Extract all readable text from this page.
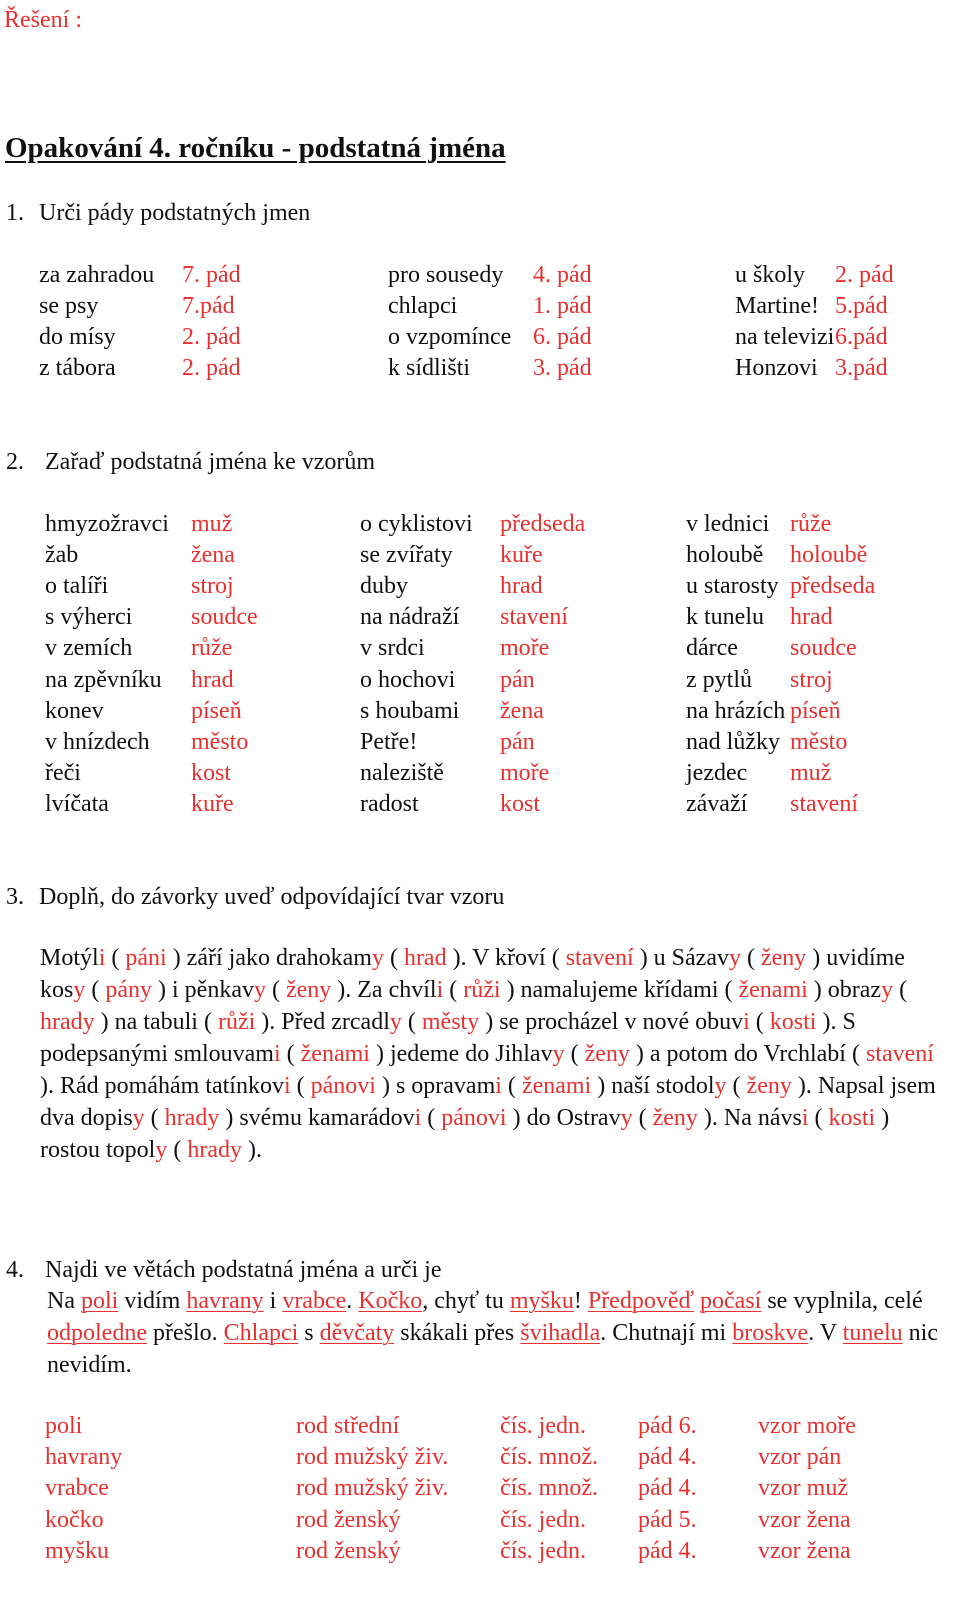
Řešení :
Opakování 4. ročníku - podstatná jména
1. Urči pády podstatných jmen
za zahradou 7. pád	pro sousedy 4. pád	u školy 2. pád
se psy	7.pád	chlapci	1. pád	Martine! 5.pád
do mísy	2. pád	o vzpomínce 6. pád	na televizi 6.pád
z tábora	2. pád	k sídlišti	3. pád	Honzovi 3.pád
2. Zařaď podstatná jména ke vzorům
hmyzožravci muž	o cyklistovi předseda	v lednici růže
žab	žena	se zvířaty kuře	holoubě holoubě
o talíři	stroj	duby	hrad	u starosty předseda
s výherci soudce	na nádraží stavení	k tunelu hrad
v zemích růže	v srdci	moře	dárce soudce
na zpěvníku hrad	o hochovi pán	z pytlů stroj
konev	píseň	s houbami žena	na hrázích píseň
v hnízdech město	Petře!	pán	nad lůžky město
řeči	kost	naleziště moře	jezdec muž
lvíčata	kuře	radost	kost	závaží stavení
3. Doplň, do závorky uveď odpovídající tvar vzoru
Motýli ( páni ) září jako drahokamy ( hrad ). V křoví ( stavení ) u Sázavy ( ženy ) uvidíme kosy ( pány ) i pěnkavy ( ženy ). Za chvíli ( růži ) namalujeme křídami ( ženami ) obrazy ( hrady ) na tabuli ( růži ). Před zrcadly ( městy ) se procházel v nové obuvi ( kosti ). S podepsanými smlouvami ( ženami ) jedeme do Jihlavy ( ženy ) a potom do Vrchlabí ( stavení ). Rád pomáhám tatínkovi ( pánovi ) s opravami ( ženami ) naší stodoly ( ženy ). Napsal jsem dva dopisy ( hrady ) svému kamarádovi ( pánovi ) do Ostravy ( ženy ). Na návsi ( kosti ) rostou topoly ( hrady ).
4. Najdi ve větách podstatná jména a urči je
Na poli vidím havrany i vrabce. Kočko, chyť tu myšku! Předpověď počasí se vyplnila, celé odpoledne přešlo. Chlapci s děvčaty skákali přes švihadla. Chutnají mi broskve. V tunelu nic nevidím.
poli	rod střední	čís. jedn. pád 6.	vzor moře
havrany	rod mužský živ. čís. množ. pád 4.	vzor pán
vrabce	rod mužský živ. čís. množ. pád 4.	vzor muž
kočko	rod ženský	čís. jedn. pád 5.	vzor žena
myšku	rod ženský	čís. jedn. pád 4.	vzor žena
